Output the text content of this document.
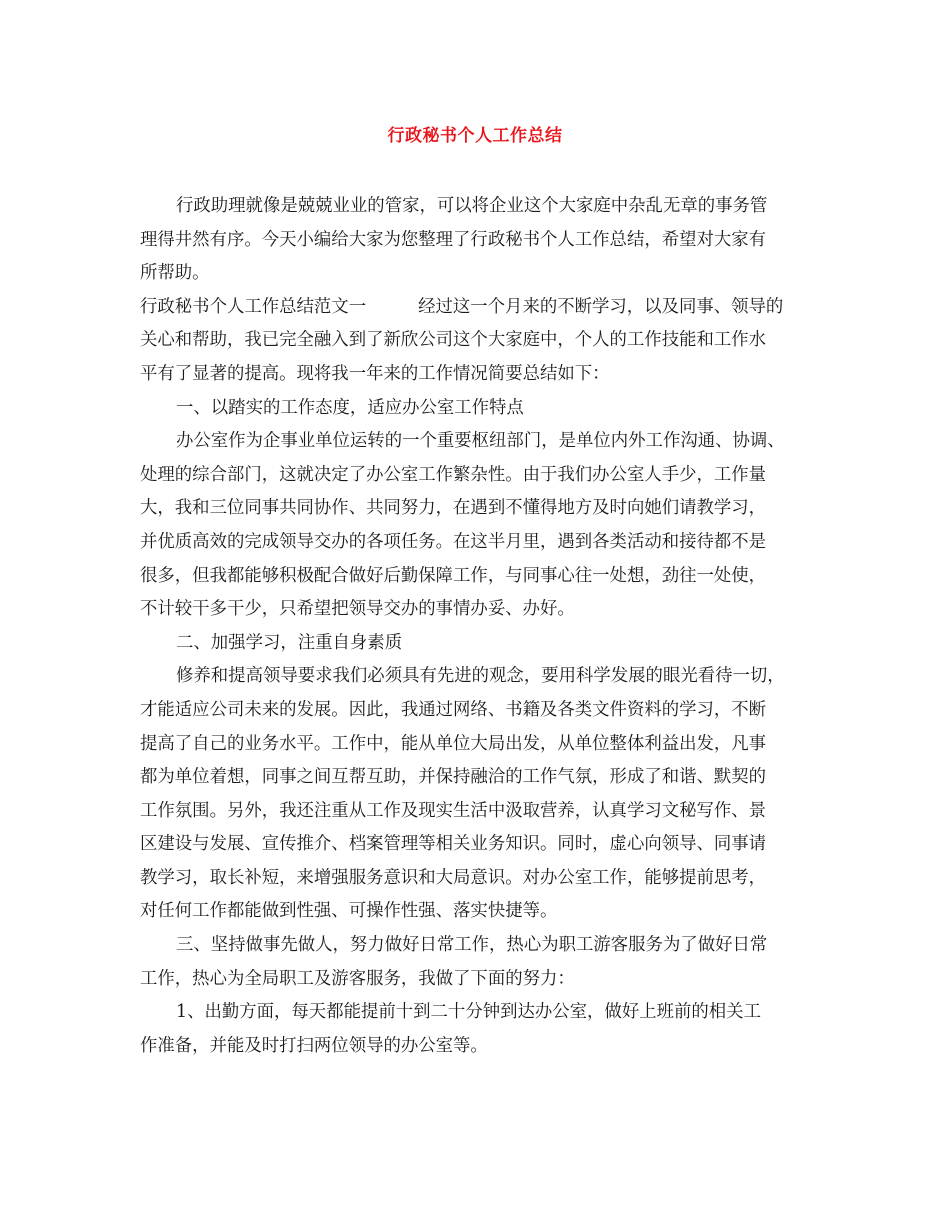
行政秘书个人工作总结
行政助理就像是兢兢业业的管家，可以将企业这个大家庭中杂乱无章的事务管
理得井然有序。今天小编给大家为您整理了行政秘书个人工作总结，希望对大家有
所帮助。
行政秘书个人工作总结范文一	经过这一个月来的不断学习，以及同事、领导的
关心和帮助，我已完全融入到了新欣公司这个大家庭中，个人的工作技能和工作水
平有了显著的提高。现将我一年来的工作情况简要总结如下：
一、以踏实的工作态度，适应办公室工作特点
办公室作为企事业单位运转的一个重要枢纽部门，是单位内外工作沟通、协调、
处理的综合部门，这就决定了办公室工作繁杂性。由于我们办公室人手少，工作量
大，我和三位同事共同协作、共同努力，在遇到不懂得地方及时向她们请教学习，
并优质高效的完成领导交办的各项任务。在这半月里，遇到各类活动和接待都不是
很多，但我都能够积极配合做好后勤保障工作，与同事心往一处想，劲往一处使，
不计较干多干少，只希望把领导交办的事情办妥、办好。
二、加强学习，注重自身素质
修养和提高领导要求我们必须具有先进的观念，要用科学发展的眼光看待一切，
才能适应公司未来的发展。因此，我通过网络、书籍及各类文件资料的学习，不断
提高了自己的业务水平。工作中，能从单位大局出发，从单位整体利益出发，凡事
都为单位着想，同事之间互帮互助，并保持融洽的工作气氛，形成了和谐、默契的
工作氛围。另外，我还注重从工作及现实生活中汲取营养，认真学习文秘写作、景
区建设与发展、宣传推介、档案管理等相关业务知识。同时，虚心向领导、同事请
教学习，取长补短，来增强服务意识和大局意识。对办公室工作，能够提前思考，
对任何工作都能做到性强、可操作性强、落实快捷等。
三、坚持做事先做人，努力做好日常工作，热心为职工游客服务为了做好日常
工作，热心为全局职工及游客服务，我做了下面的努力：
1、出勤方面，每天都能提前十到二十分钟到达办公室，做好上班前的相关工
作准备，并能及时打扫两位领导的办公室等。
